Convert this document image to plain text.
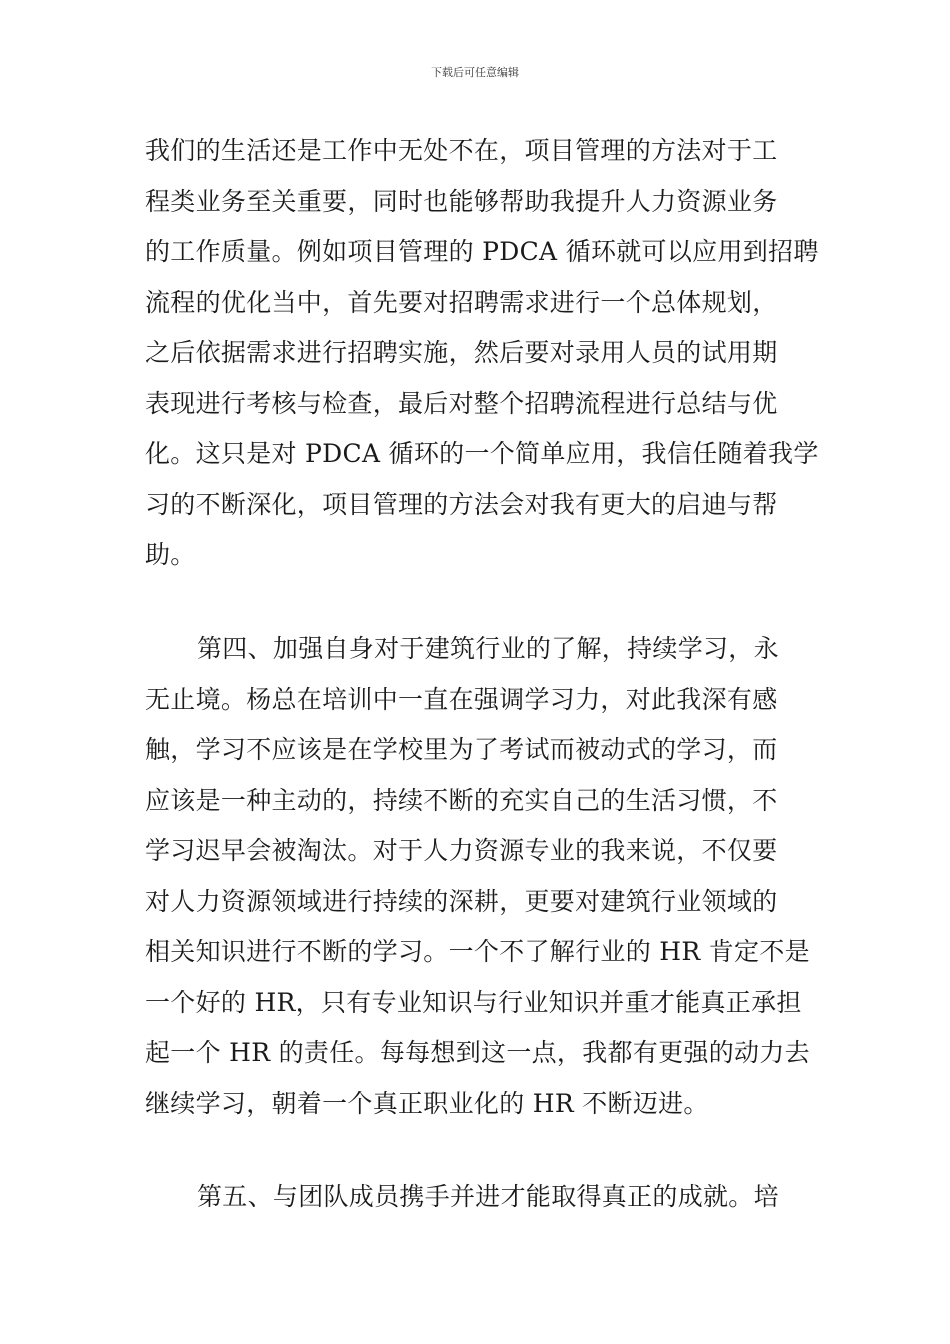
下载后可任意编辑

我们的生活还是工作中无处不在，项目管理的方法对于工
程类业务至关重要，同时也能够帮助我提升人力资源业务
的工作质量。例如项目管理的 PDCA 循环就可以应用到招聘
流程的优化当中，首先要对招聘需求进行一个总体规划，
之后依据需求进行招聘实施，然后要对录用人员的试用期
表现进行考核与检查，最后对整个招聘流程进行总结与优
化。这只是对 PDCA 循环的一个简单应用，我信任随着我学
习的不断深化，项目管理的方法会对我有更大的启迪与帮
助。

第四、加强自身对于建筑行业的了解，持续学习，永
无止境。杨总在培训中一直在强调学习力，对此我深有感
触，学习不应该是在学校里为了考试而被动式的学习，而
应该是一种主动的，持续不断的充实自己的生活习惯，不
学习迟早会被淘汰。对于人力资源专业的我来说，不仅要
对人力资源领域进行持续的深耕，更要对建筑行业领域的
相关知识进行不断的学习。一个不了解行业的 HR 肯定不是
一个好的 HR，只有专业知识与行业知识并重才能真正承担
起一个 HR 的责任。每每想到这一点，我都有更强的动力去
继续学习，朝着一个真正职业化的 HR 不断迈进。

第五、与团队成员携手并进才能取得真正的成就。培
